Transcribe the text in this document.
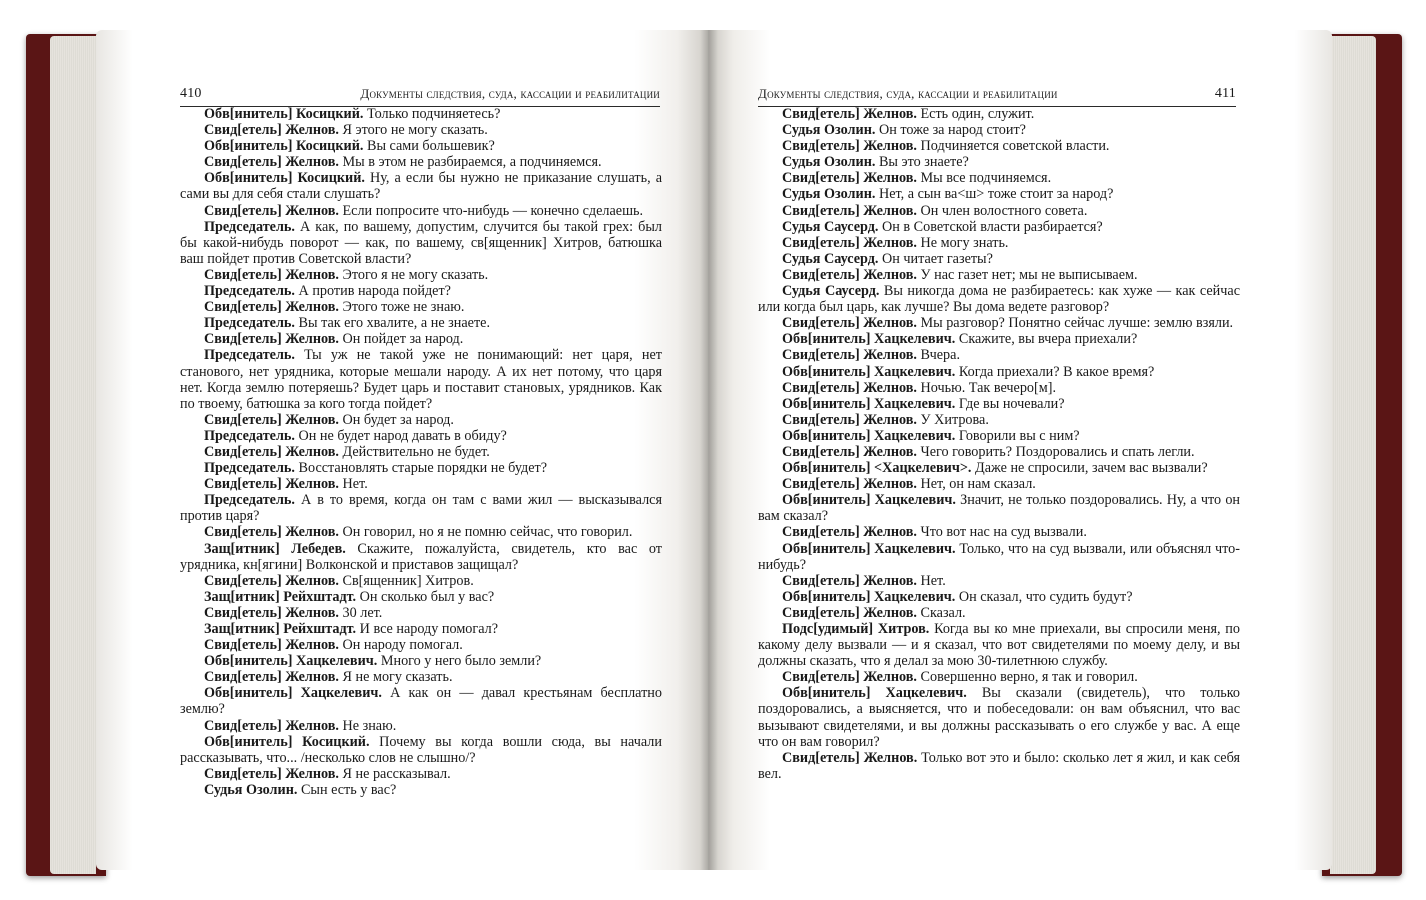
410	Документы следствия, суда, кассации и реабилитации

Обв[инитель] Косицкий. Только подчиняетесь?

Свид[етель] Желнов. Я этого не могу сказать.

Обв[инитель] Косицкий. Вы сами большевик?

Свид[етель] Желнов. Мы в этом не разбираемся, а подчиняемся.

Обв[инитель] Косицкий. Ну, а если бы нужно не приказание слушать, а сами вы для себя стали слушать?

Свид[етель] Желнов. Если попросите что-нибудь — конечно сделаешь.

Председатель. А как, по вашему, допустим, случится бы такой грех: был бы какой-нибудь поворот — как, по вашему, св[ященник] Хитров, батюшка ваш пойдет против Советской власти?

Свид[етель] Желнов. Этого я не могу сказать.

Председатель. А против народа пойдет?

Свид[етель] Желнов. Этого тоже не знаю.

Председатель. Вы так его хвалите, а не знаете.

Свид[етель] Желнов. Он пойдет за народ.

Председатель. Ты уж не такой уже не понимающий: нет царя, нет станового, нет урядника, которые мешали народу. А их нет потому, что царя нет. Когда землю потеряешь? Будет царь и поставит становых, урядников. Как по твоему, батюшка за кого тогда пойдет?

Свид[етель] Желнов. Он будет за народ.

Председатель. Он не будет народ давать в обиду?

Свид[етель] Желнов. Действительно не будет.

Председатель. Восстановлять старые порядки не будет?

Свид[етель] Желнов. Нет.

Председатель. А в то время, когда он там с вами жил — высказывался против царя?

Свид[етель] Желнов. Он говорил, но я не помню сейчас, что говорил.

Защ[итник] Лебедев. Скажите, пожалуйста, свидетель, кто вас от урядника, кн[ягини] Волконской и приставов защищал?

Свид[етель] Желнов. Св[ященник] Хитров.

Защ[итник] Рейхштадт. Он сколько был у вас?

Свид[етель] Желнов. 30 лет.

Защ[итник] Рейхштадт. И все народу помогал?

Свид[етель] Желнов. Он народу помогал.

Обв[инитель] Хацкелевич. Много у него было земли?

Свид[етель] Желнов. Я не могу сказать.

Обв[инитель] Хацкелевич. А как он — давал крестьянам бесплатно землю?

Свид[етель] Желнов. Не знаю.

Обв[инитель] Косицкий. Почему вы когда вошли сюда, вы начали рассказывать, что... /несколько слов не слышно/?

Свид[етель] Желнов. Я не рассказывал.

Судья Озолин. Сын есть у вас?

Документы следствия, суда, кассации и реабилитации	411

Свид[етель] Желнов. Есть один, служит.

Судья Озолин. Он тоже за народ стоит?

Свид[етель] Желнов. Подчиняется советской власти.

Судья Озолин. Вы это знаете?

Свид[етель] Желнов. Мы все подчиняемся.

Судья Озолин. Нет, а сын ва<ш> тоже стоит за народ?

Свид[етель] Желнов. Он член волостного совета.

Судья Саусерд. Он в Советской власти разбирается?

Свид[етель] Желнов. Не могу знать.

Судья Саусерд. Он читает газеты?

Свид[етель] Желнов. У нас газет нет; мы не выписываем.

Судья Саусерд. Вы никогда дома не разбираетесь: как хуже — как сейчас или когда был царь, как лучше? Вы дома ведете разговор?

Свид[етель] Желнов. Мы разговор? Понятно сейчас лучше: землю взяли.

Обв[инитель] Хацкелевич. Скажите, вы вчера приехали?

Свид[етель] Желнов. Вчера.

Обв[инитель] Хацкелевич. Когда приехали? В какое время?

Свид[етель] Желнов. Ночью. Так вечеро[м].

Обв[инитель] Хацкелевич. Где вы ночевали?

Свид[етель] Желнов. У Хитрова.

Обв[инитель] Хацкелевич. Говорили вы с ним?

Свид[етель] Желнов. Чего говорить? Поздоровались и спать легли.

Обв[инитель] <Хацкелевич>. Даже не спросили, зачем вас вызвали?

Свид[етель] Желнов. Нет, он нам сказал.

Обв[инитель] Хацкелевич. Значит, не только поздоровались. Ну, а что он вам сказал?

Свид[етель] Желнов. Что вот нас на суд вызвали.

Обв[инитель] Хацкелевич. Только, что на суд вызвали, или объяснял что-нибудь?

Свид[етель] Желнов. Нет.

Обв[инитель] Хацкелевич. Он сказал, что судить будут?

Свид[етель] Желнов. Сказал.

Подс[удимый] Хитров. Когда вы ко мне приехали, вы спросили меня, по какому делу вызвали — и я сказал, что вот свидетелями по моему делу, и вы должны сказать, что я делал за мою 30-тилетнюю службу.

Свид[етель] Желнов. Совершенно верно, я так и говорил.

Обв[инитель] Хацкелевич. Вы сказали (свидетель), что только поздоровались, а выясняется, что и побеседовали: он вам объяснил, что вас вызывают свидетелями, и вы должны рассказывать о его службе у вас. А еще что он вам говорил?

Свид[етель] Желнов. Только вот это и было: сколько лет я жил, и как себя вел.
